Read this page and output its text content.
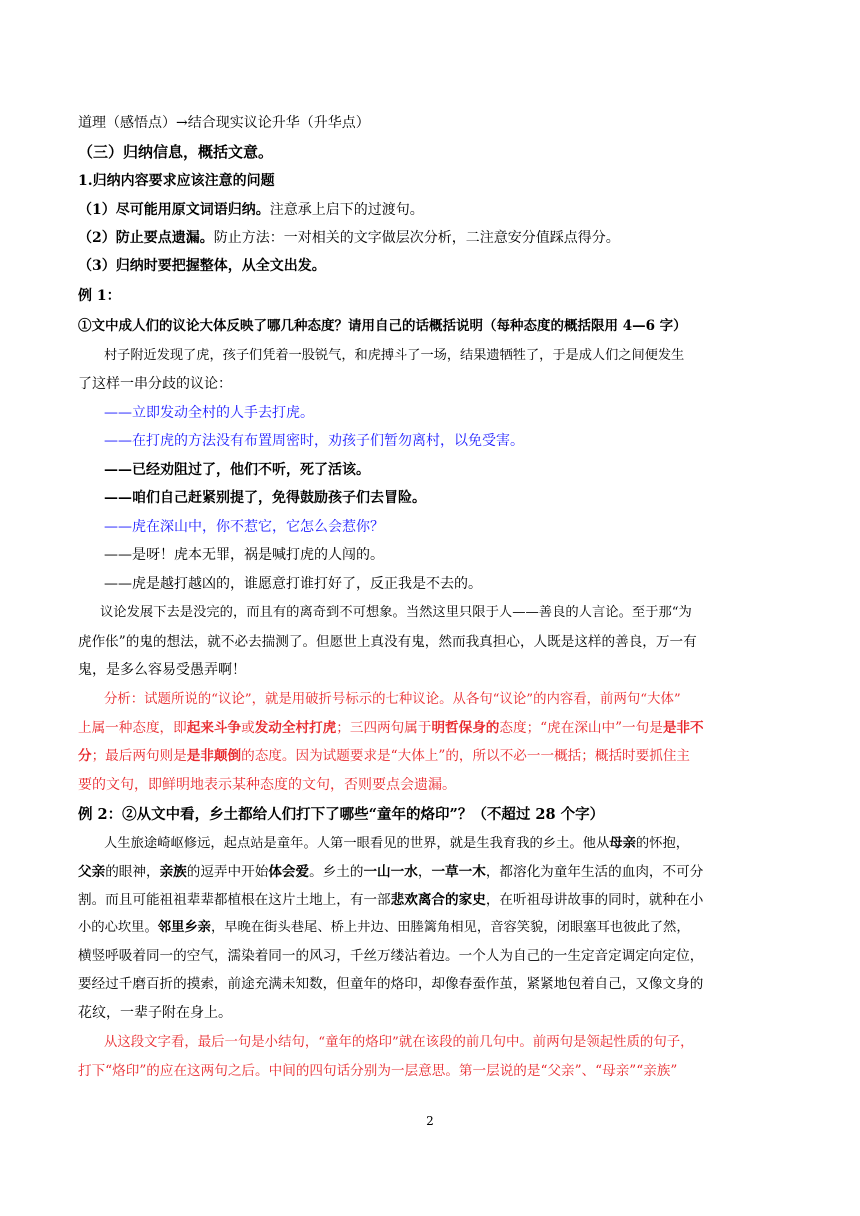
道理（感悟点）→结合现实议论升华（升华点）
（三）归纳信息，概括文意。
1.归纳内容要求应该注意的问题
（1）尽可能用原文词语归纳。注意承上启下的过渡句。
（2）防止要点遗漏。防止方法：一对相关的文字做层次分析，二注意安分值踩点得分。
（3）归纳时要把握整体，从全文出发。
例 1：
①文中成人们的议论大体反映了哪几种态度？请用自己的话概括说明（每种态度的概括限用 4—6 字）
村子附近发现了虎，孩子们凭着一股锐气，和虎搏斗了一场，结果遗牺牲了，于是成人们之间便发生
了这样一串分歧的议论：
——立即发动全村的人手去打虎。
——在打虎的方法没有布置周密时，劝孩子们暂勿离村，以免受害。
——已经劝阻过了，他们不听，死了活该。
——咱们自己赶紧别提了，免得鼓励孩子们去冒险。
——虎在深山中，你不惹它，它怎么会惹你？
——是呀！虎本无罪，祸是喊打虎的人闯的。
——虎是越打越凶的，谁愿意打谁打好了，反正我是不去的。
议论发展下去是没完的，而且有的离奇到不可想象。当然这里只限于人——善良的人言论。至于那“为
虎作伥”的鬼的想法，就不必去揣测了。但愿世上真没有鬼，然而我真担心，人既是这样的善良，万一有
鬼，是多么容易受愚弄啊！
分析：试题所说的“议论”，就是用破折号标示的七种议论。从各句“议论”的内容看，前两句“大体”
上属一种态度，即起来斗争或发动全村打虎；三四两句属于明哲保身的态度；“虎在深山中”一句是是非不
分；最后两句则是是非颠倒的态度。因为试题要求是“大体上”的，所以不必一一概括；概括时要抓住主
要的文句，即鲜明地表示某种态度的文句，否则要点会遗漏。
例 2：②从文中看，乡土都给人们打下了哪些“童年的烙印”？（不超过 28 个字）
人生旅途崎岖修远，起点站是童年。人第一眼看见的世界，就是生我育我的乡土。他从母亲的怀抱，
父亲的眼神，亲族的逗弄中开始体会爱。乡土的一山一水，一草一木，都溶化为童年生活的血肉，不可分
割。而且可能祖祖辈辈都植根在这片土地上，有一部悲欢离合的家史，在听祖母讲故事的同时，就种在小
小的心坎里。邻里乡亲，早晚在街头巷尾、桥上井边、田塍篱角相见，音容笑貌，闭眼塞耳也彼此了然，
横竖呼吸着同一的空气，濡染着同一的风习，千丝万缕沾着边。一个人为自己的一生定音定调定向定位，
要经过千磨百折的摸索，前途充满未知数，但童年的烙印，却像春蚕作茧，紧紧地包着自己，又像文身的
花纹，一辈子附在身上。
从这段文字看，最后一句是小结句，“童年的烙印”就在该段的前几句中。前两句是领起性质的句子，
打下“烙印”的应在这两句之后。中间的四句话分别为一层意思。第一层说的是“父亲”、“母亲”“亲族”
2
